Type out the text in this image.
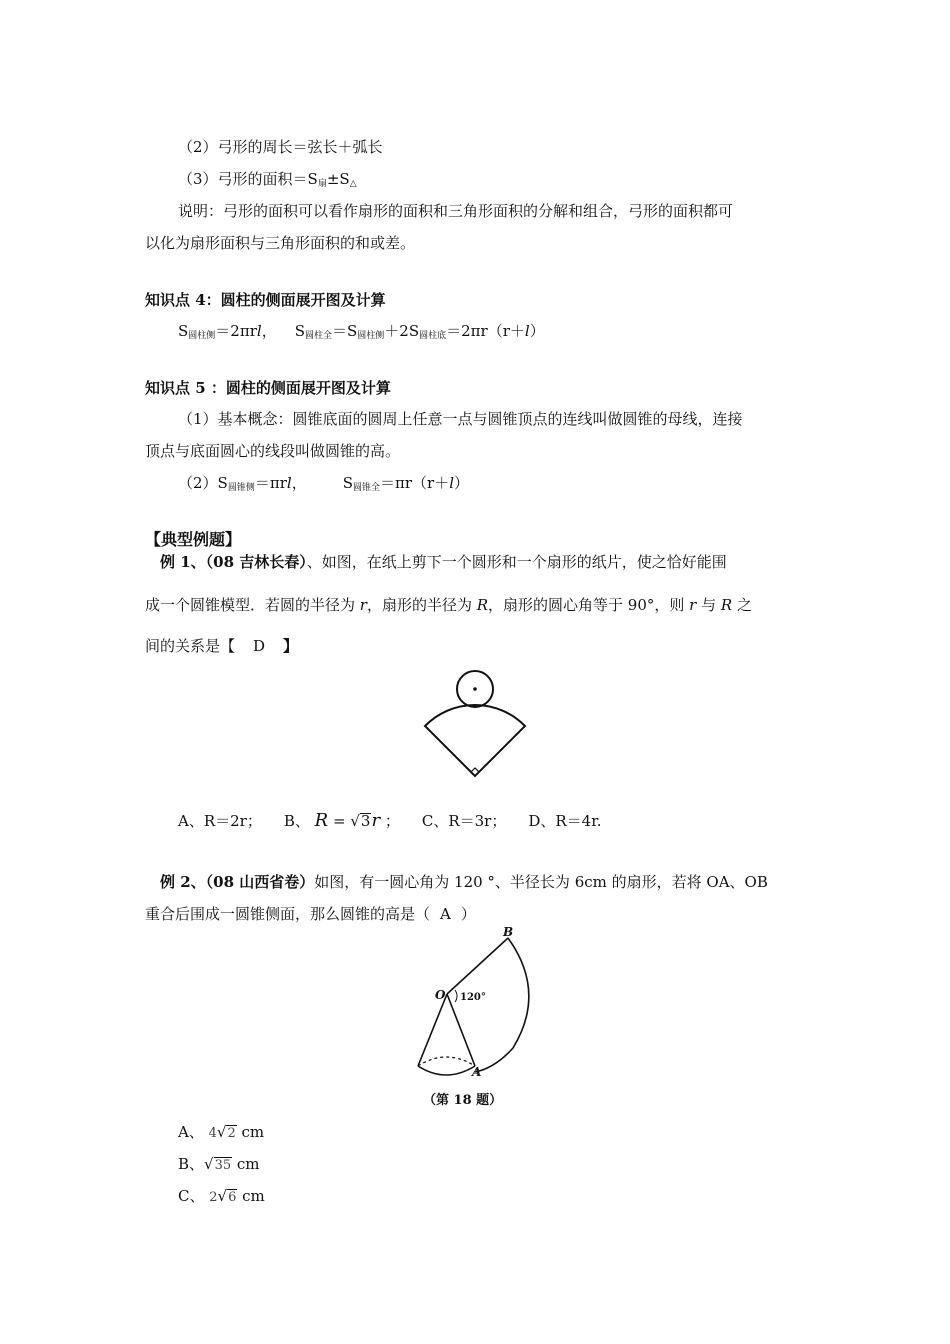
（2）弓形的周长＝弦长＋弧长
（3）弓形的面积$=S_扇\pm S_\triangle$
说明：弓形的面积可以看作扇形的面积和三角形面积的分解和组合，弓形的面积都可
以化为扇形面积与三角形面积的和或差。
知识点 4：圆柱的侧面展开图及计算
$S_{圆柱侧}=2\pi rl$， $S_{圆柱全}=S_{圆柱侧}+2S_{圆柱底}=2\pi r(r+l)$
知识点 5 ：圆柱的侧面展开图及计算
（1）基本概念：圆锥底面的圆周上任意一点与圆锥顶点的连线叫做圆锥的母线，连接
顶点与底面圆心的线段叫做圆锥的高。
$(2)S_{圆锥侧}=\pi rl$， $S_{圆锥全}=\pi r(r+l)$
【典型例题】
例 1、（08 吉林长春）、如图，在纸上剪下一个圆形和一个扇形的纸片，使之恰好能围
成一个圆锥模型．若圆的半径为 r，扇形的半径为 R，扇形的圆心角等于 90°，则 r 与 R 之
间的关系是【 D 】
A、R＝2r； B、 R = √3r ； C、R＝3r； D、R＝4r.
例 2、（08 山西省卷）如图，有一圆心角为 120 °、半径长为 6cm 的扇形，若将 OA、OB
重合后围成一圆锥侧面，那么圆锥的高是（ A ）
B
O 120°
A
（第 18 题）
A、 4√2 cm
B、√35 cm
C、 2√6 cm
